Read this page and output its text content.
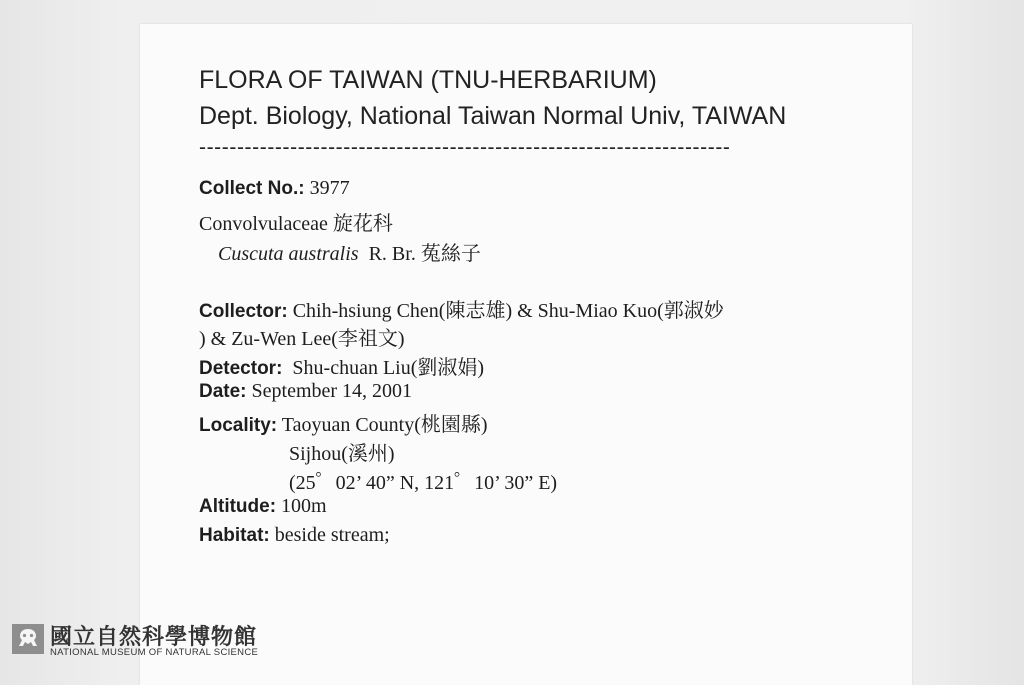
FLORA OF TAIWAN (TNU-HERBARIUM)
Dept. Biology, National Taiwan Normal Univ, TAIWAN
----------------------------------------------------------------------
Collect No.: 3977
Convolvulaceae 旋花科
Cuscuta australis R. Br. 菟絲子
Collector: Chih-hsiung Chen(陳志雄) & Shu-Miao Kuo(郭淑妙
) & Zu-Wen Lee(李祖文)
Detector: Shu-chuan Liu(劉淑娟)
Date: September 14, 2001
Locality: Taoyuan County(桃園縣)
Sijhou(溪州)
(25゜02’ 40” N, 121゜10’ 30” E)
Altitude: 100m
Habitat: beside stream;
國立自然科學博物館
NATIONAL MUSEUM OF NATURAL SCIENCE
